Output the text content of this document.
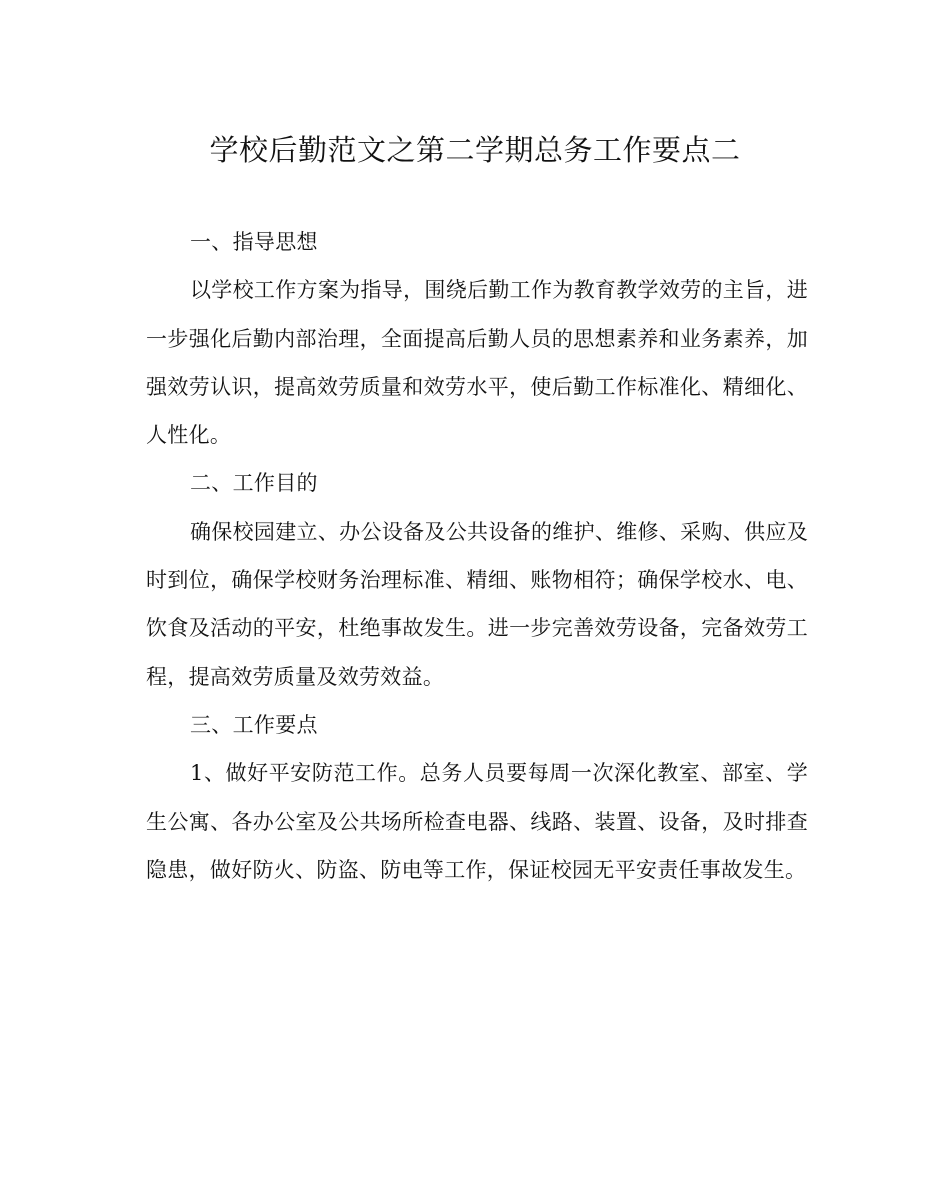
学校后勤范文之第二学期总务工作要点二

一、指导思想

以学校工作方案为指导，围绕后勤工作为教育教学效劳的主旨，进一步强化后勤内部治理，全面提高后勤人员的思想素养和业务素养，加强效劳认识，提高效劳质量和效劳水平，使后勤工作标准化、精细化、人性化。

二、工作目的

确保校园建立、办公设备及公共设备的维护、维修、采购、供应及时到位，确保学校财务治理标准、精细、账物相符；确保学校水、电、饮食及活动的平安，杜绝事故发生。进一步完善效劳设备，完备效劳工程，提高效劳质量及效劳效益。

三、工作要点

1、做好平安防范工作。总务人员要每周一次深化教室、部室、学生公寓、各办公室及公共场所检查电器、线路、装置、设备，及时排查隐患，做好防火、防盗、防电等工作，保证校园无平安责任事故发生。
